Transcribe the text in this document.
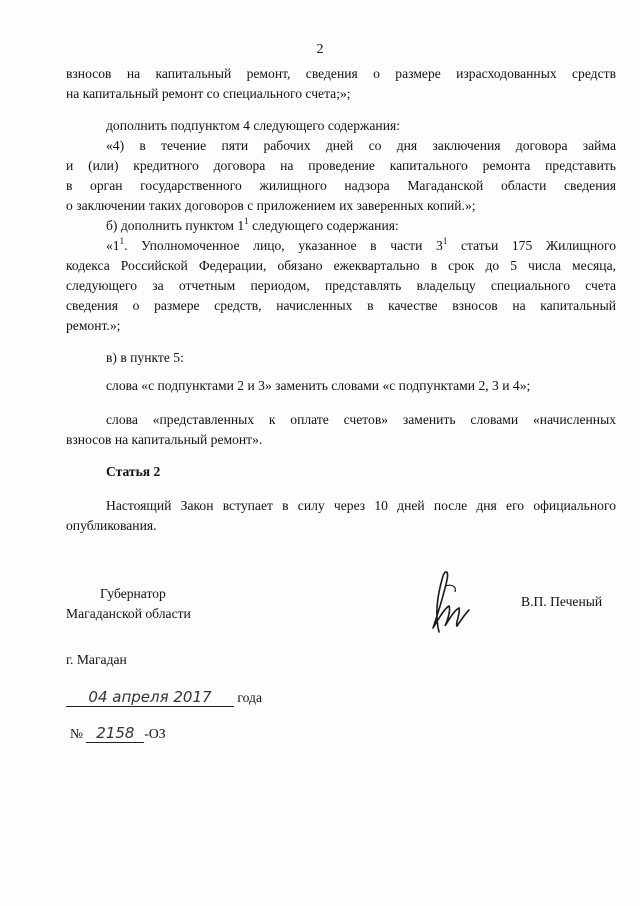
2
взносов на капитальный ремонт, сведения о размере израсходованных средств
на капитальный ремонт со специального счета;»;
дополнить подпунктом 4 следующего содержания:
«4) в течение пяти рабочих дней со дня заключения договора займа
и (или) кредитного договора на проведение капитального ремонта представить
в орган государственного жилищного надзора Магаданской области сведения
о заключении таких договоров с приложением их заверенных копий.»;
б) дополнить пунктом $1^1$ следующего содержания:
«$1^1$. Уполномоченное лицо, указанное в части $3^1$ статьи 175 Жилищного
кодекса Российской Федерации, обязано ежеквартально в срок до 5 числа месяца,
следующего за отчетным периодом, представлять владельцу специального счета
сведения о размере средств, начисленных в качестве взносов на капитальный
ремонт.»;
в) в пункте 5:
слова «с подпунктами 2 и 3» заменить словами «с подпунктами 2, 3 и 4»;
слова «представленных к оплате счетов» заменить словами «начисленных
взносов на капитальный ремонт».
Статья 2
Настоящий Закон вступает в силу через 10 дней после дня его официального
опубликования.
Губернатор
Магаданской области
В.П. Печеный
г. Магадан
04 апреля 2017 года
№ 2158 -ОЗ
